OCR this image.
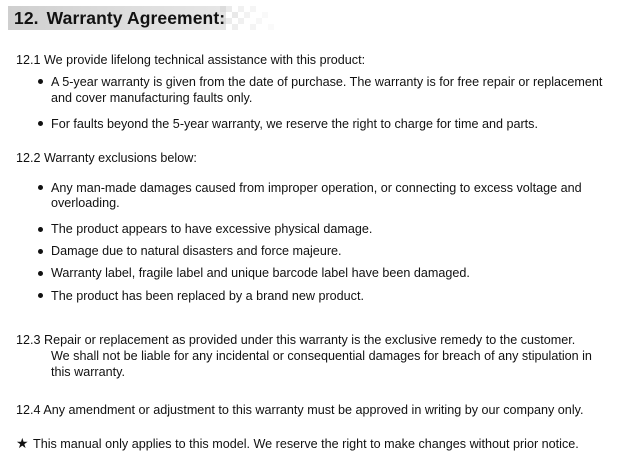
12. Warranty Agreement:
12.1 We provide lifelong technical assistance with this product:
A 5-year warranty is given from the date of purchase. The warranty is for free repair or replacement
and cover manufacturing faults only.
For faults beyond the 5-year warranty, we reserve the right to charge for time and parts.
12.2 Warranty exclusions below:
Any man-made damages caused from improper operation, or connecting to excess voltage and
overloading.
The product appears to have excessive physical damage.
Damage due to natural disasters and force majeure.
Warranty label, fragile label and unique barcode label have been damaged.
The product has been replaced by a brand new product.
12.3 Repair or replacement as provided under this warranty is the exclusive remedy to the customer.
We shall not be liable for any incidental or consequential damages for breach of any stipulation in
this warranty.
12.4 Any amendment or adjustment to this warranty must be approved in writing by our company only.
★ This manual only applies to this model. We reserve the right to make changes without prior notice.
